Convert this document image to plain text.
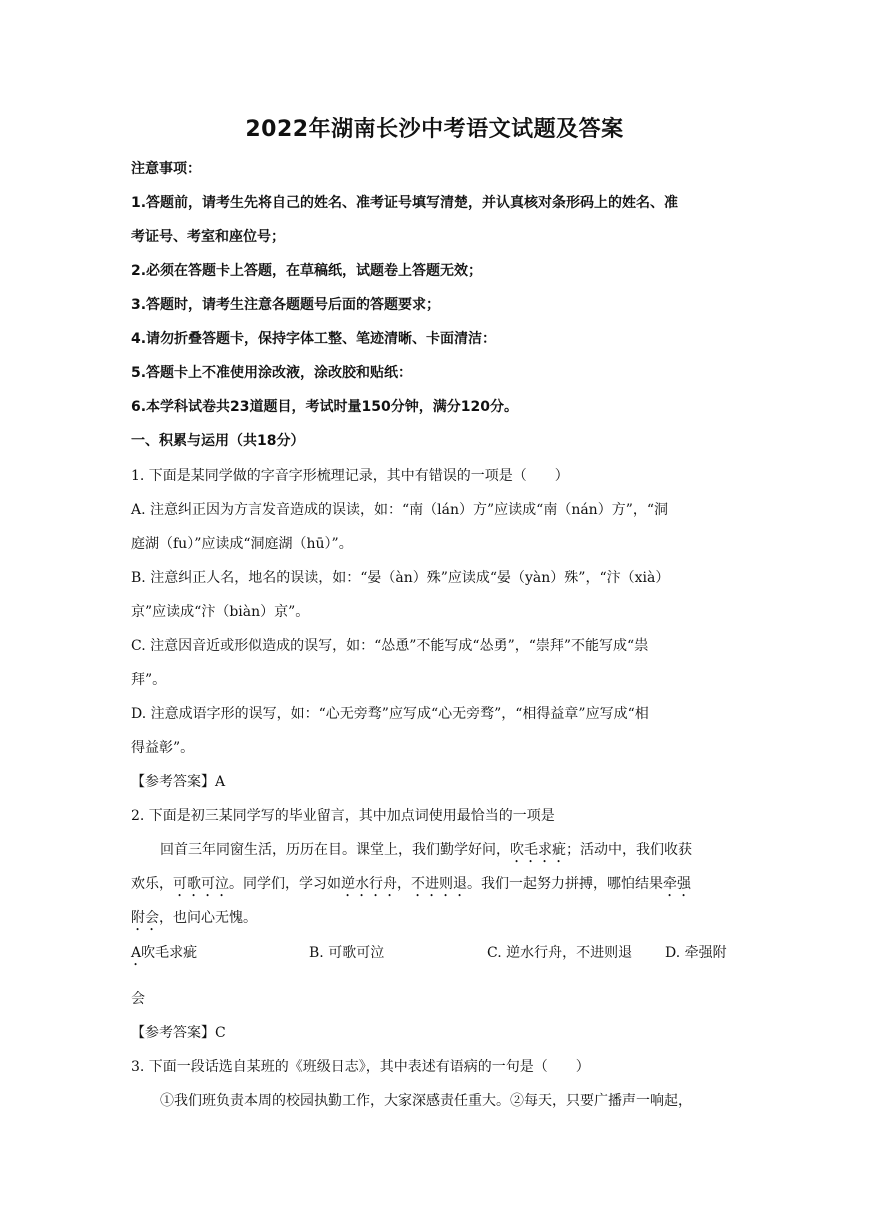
2022年湖南长沙中考语文试题及答案
注意事项：
1.答题前，请考生先将自己的姓名、准考证号填写清楚，并认真核对条形码上的姓名、准
考证号、考室和座位号；
2.必须在答题卡上答题，在草稿纸，试题卷上答题无效；
3.答题时，请考生注意各题题号后面的答题要求；
4.请勿折叠答题卡，保持字体工整、笔迹清晰、卡面清洁：
5.答题卡上不准使用涂改液，涂改胶和贴纸：
6.本学科试卷共23道题目，考试时量150分钟，满分120分。
一、积累与运用（共18分）
1. 下面是某同学做的字音字形梳理记录，其中有错误的一项是（　　）
A. 注意纠正因为方言发音造成的误读，如：“南（lán）方”应读成“南（nán）方”，“洞
庭湖（fu）”应读成“洞庭湖（hū）”。
B. 注意纠正人名，地名的误读，如：“晏（àn）殊”应读成“晏（yàn）殊”，“汴（xià）
京”应读成“汴（biàn）京”。
C. 注意因音近或形似造成的误写，如：“怂恿”不能写成“怂勇”，“崇拜”不能写成“祟
拜”。
D. 注意成语字形的误写，如：“心无旁骛”应写成“心无旁骛”，“相得益章”应写成“相
得益彰”。
【参考答案】A
2. 下面是初三某同学写的毕业留言，其中加点词使用最恰当的一项是
回首三年同窗生活，历历在目。课堂上，我们勤学好问，吹毛求疵；活动中，我们收获
欢乐，可歌可泣。同学们，学习如逆水行舟，不进则退。我们一起努力拼搏，哪怕结果牵强
附会，也问心无愧。
A吹毛求疵	B. 可歌可泣	C. 逆水行舟，不进则退 D. 牵强附
会
【参考答案】C
3. 下面一段话选自某班的《班级日志》，其中表述有语病的一句是（　　）
①我们班负责本周的校园执勤工作，大家深感责任重大。②每天，只要广播声一响起，
